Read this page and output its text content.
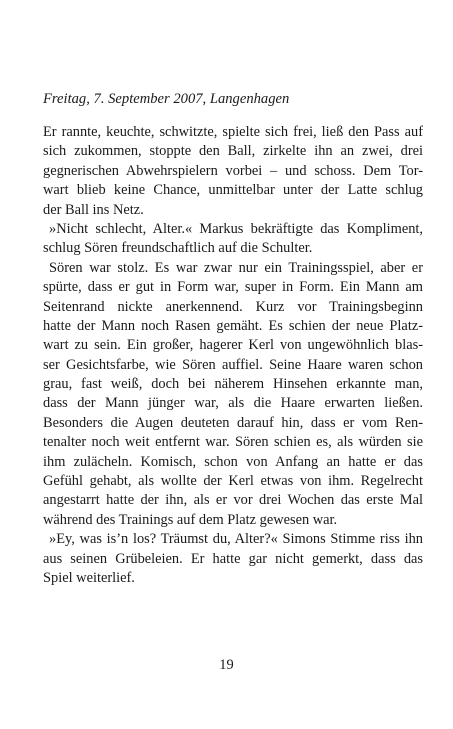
Freitag, 7. September 2007, Langenhagen
Er rannte, keuchte, schwitzte, spielte sich frei, ließ den Pass auf
sich zukommen, stoppte den Ball, zirkelte ihn an zwei, drei
gegnerischen Abwehrspielern vorbei – und schoss. Dem Tor-
wart blieb keine Chance, unmittelbar unter der Latte schlug
der Ball ins Netz.
»Nicht schlecht, Alter.« Markus bekräftigte das Kompliment,
schlug Sören freundschaftlich auf die Schulter.
Sören war stolz. Es war zwar nur ein Trainingsspiel, aber er
spürte, dass er gut in Form war, super in Form. Ein Mann am
Seitenrand nickte anerkennend. Kurz vor Trainingsbeginn
hatte der Mann noch Rasen gemäht. Es schien der neue Platz-
wart zu sein. Ein großer, hagerer Kerl von ungewöhnlich blas-
ser Gesichtsfarbe, wie Sören auffiel. Seine Haare waren schon
grau, fast weiß, doch bei näherem Hinsehen erkannte man,
dass der Mann jünger war, als die Haare erwarten ließen.
Besonders die Augen deuteten darauf hin, dass er vom Ren-
tenalter noch weit entfernt war. Sören schien es, als würden sie
ihm zulächeln. Komisch, schon von Anfang an hatte er das
Gefühl gehabt, als wollte der Kerl etwas von ihm. Regelrecht
angestarrt hatte der ihn, als er vor drei Wochen das erste Mal
während des Trainings auf dem Platz gewesen war.
»Ey, was is’n los? Träumst du, Alter?« Simons Stimme riss ihn
aus seinen Grübeleien. Er hatte gar nicht gemerkt, dass das
Spiel weiterlief.
19
